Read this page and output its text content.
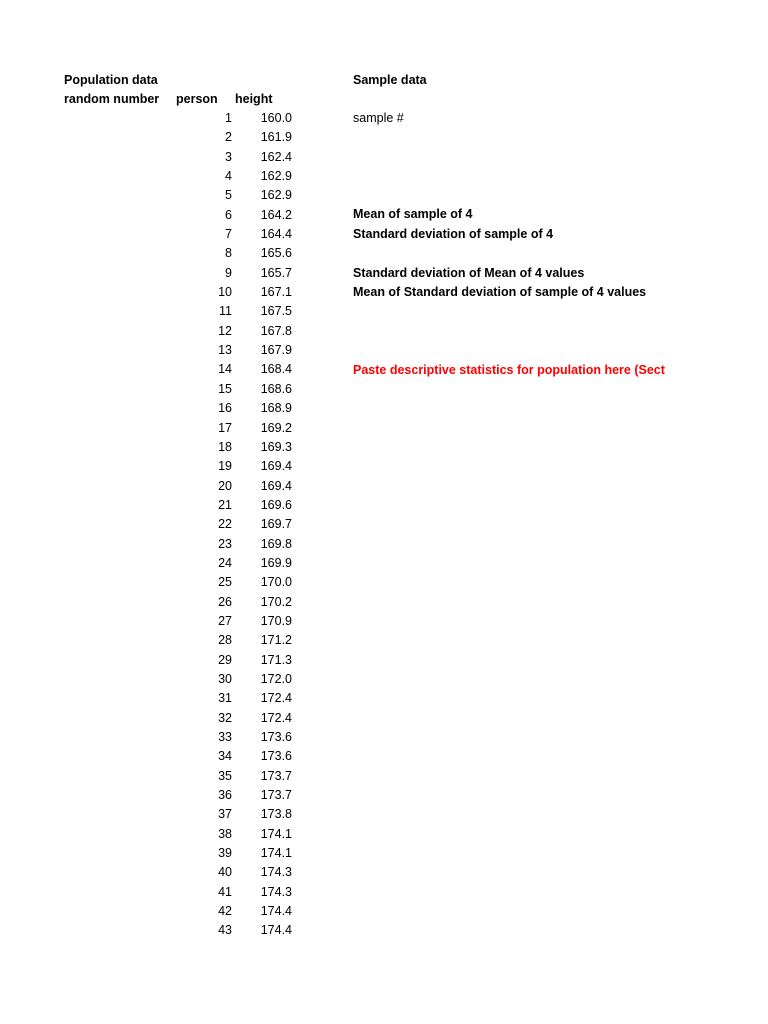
Population data	Sample data
random number person height
1	160.0
2	161.9
3	162.4
4	162.9
5	162.9
6	164.2
7	164.4
8	165.6
9	165.7
10	167.1
11	167.5
12	167.8
13	167.9
14	168.4
15	168.6
16	168.9
17	169.2
18	169.3
19	169.4
20	169.4
21	169.6
22	169.7
23	169.8
24	169.9
25	170.0
26	170.2
27	170.9
28	171.2
29	171.3
30	172.0
31	172.4
32	172.4
33	173.6
34	173.6
35	173.7
36	173.7
37	173.8
38	174.1
39	174.1
40	174.3
41	174.3
42	174.4
43	174.4
sample #
Mean of sample of 4
Standard deviation of sample of 4
Standard deviation of Mean of 4 values
Mean of Standard deviation of sample of 4 values
Paste descriptive statistics for population here (Sect
